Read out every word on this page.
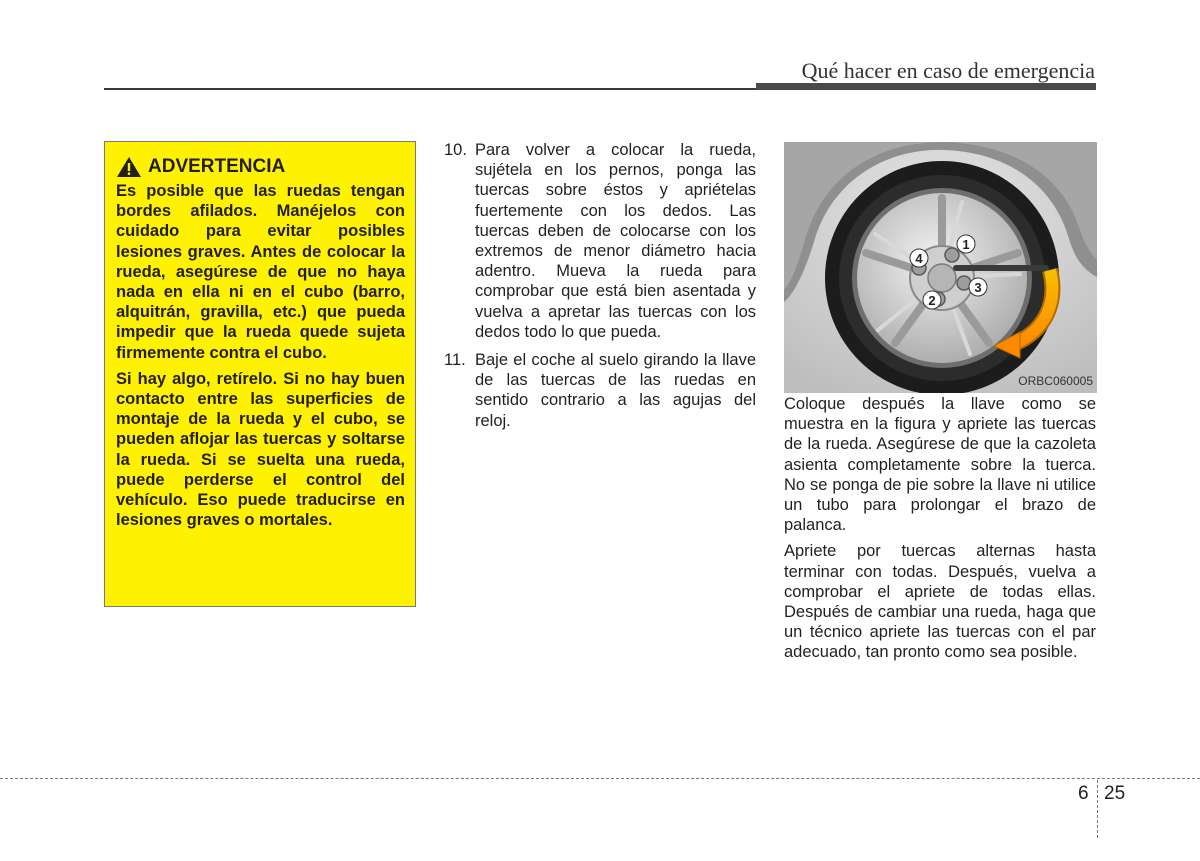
Qué hacer en caso de emergencia
ADVERTENCIA

Es posible que las ruedas tengan bordes afilados. Manéjelos con cuidado para evitar posibles lesiones graves. Antes de colocar la rueda, asegúrese de que no haya nada en ella ni en el cubo (barro, alquitrán, gravilla, etc.) que pueda impedir que la rueda quede sujeta firmemente contra el cubo.

Si hay algo, retírelo. Si no hay buen contacto entre las superficies de montaje de la rueda y el cubo, se pueden aflojar las tuercas y soltarse la rueda. Si se suelta una rueda, puede perderse el control del vehículo. Eso puede traducirse en lesiones graves o mortales.

10. Para volver a colocar la rueda, sujétela en los pernos, ponga las tuercas sobre éstos y apriételas fuertemente con los dedos. Las tuercas deben de colocarse con los extremos de menor diámetro hacia adentro. Mueva la rueda para comprobar que está bien asentada y vuelva a apretar las tuercas con los dedos todo lo que pueda.
11. Baje el coche al suelo girando la llave de las tuercas de las ruedas en sentido contrario a las agujas del reloj.
1
2
3
4
ORBC060005

Coloque después la llave como se muestra en la figura y apriete las tuercas de la rueda. Asegúrese de que la cazoleta asienta completamente sobre la tuerca. No se ponga de pie sobre la llave ni utilice un tubo para prolongar el brazo de palanca.

Apriete por tuercas alternas hasta terminar con todas. Después, vuelva a comprobar el apriete de todas ellas. Después de cambiar una rueda, haga que un técnico apriete las tuercas con el par adecuado, tan pronto como sea posible.

6 25
